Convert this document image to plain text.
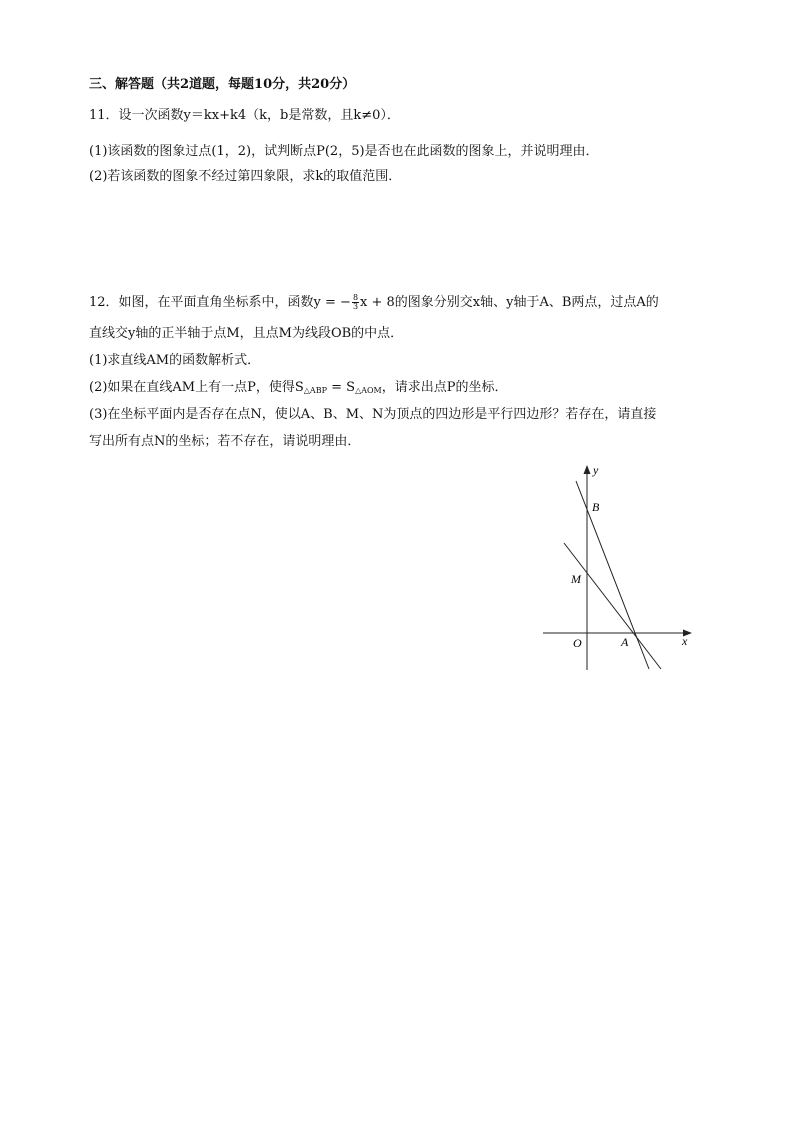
三、解答题（共2道题，每题10分，共20分）
11．设一次函数y＝kx+k4（k，b是常数，且k≠0）．
(1)该函数的图象过点(1，2)，试判断点P(2，5)是否也在此函数的图象上，并说明理由．
(2)若该函数的图象不经过第四象限，求k的取值范围．
12．如图，在平面直角坐标系中，函数y = − $\frac{8}{3}$ x + 8的图象分别交x轴、y轴于A、B两点，过点A的
直线交y轴的正半轴于点M，且点M为线段OB的中点．
(1)求直线AM的函数解析式．
(2)如果在直线AM上有一点P，使得$S_{\triangle ABP} = S_{\triangle AOM}$，请求出点P的坐标．
(3)在坐标平面内是否存在点N，使以A、B、M、N为顶点的四边形是平行四边形？若存在，请直接
写出所有点N的坐标；若不存在，请说明理由．
y
x
O	A
B
M
